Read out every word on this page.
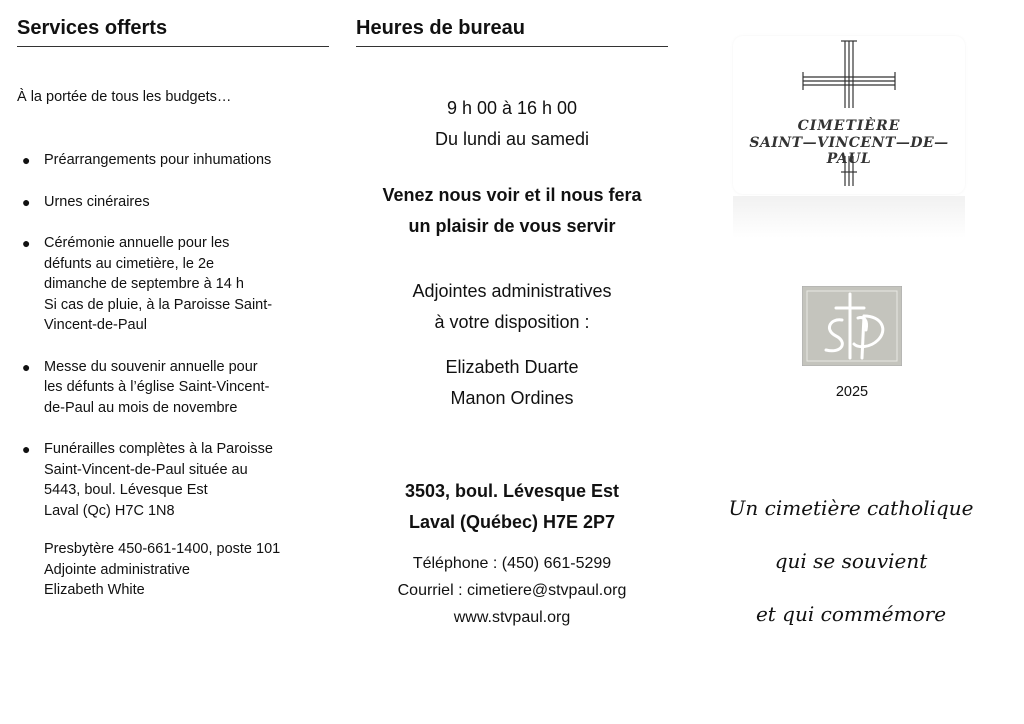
Services offerts	Heures de bureau
À la portée de tous les budgets…
● Préarrangements pour inhumations
● Urnes cinéraires
● Cérémonie annuelle pour les
défunts au cimetière, le 2e
dimanche de septembre à 14 h
Si cas de pluie, à la Paroisse Saint-
Vincent-de-Paul
● Messe du souvenir annuelle pour
les défunts à l’église Saint-Vincent-
de-Paul au mois de novembre
● Funérailles complètes à la Paroisse
Saint-Vincent-de-Paul située au
5443, boul. Lévesque Est
Laval (Qc) H7C 1N8
Presbytère 450-661-1400, poste 101
Adjointe administrative
Elizabeth White
9 h 00 à 16 h 00
Du lundi au samedi
Venez nous voir et il nous fera
un plaisir de vous servir
Adjointes administratives
à votre disposition :
Elizabeth Duarte
Manon Ordines
3503, boul. Lévesque Est
Laval (Québec) H7E 2P7
Téléphone : (450) 661-5299
Courriel : cimetiere@stvpaul.org
www.stvpaul.org
CIMETIÈRE
SAINT—VINCENT—DE—PAUL
2025
Un cimetière catholique
qui se souvient
et qui commémore
